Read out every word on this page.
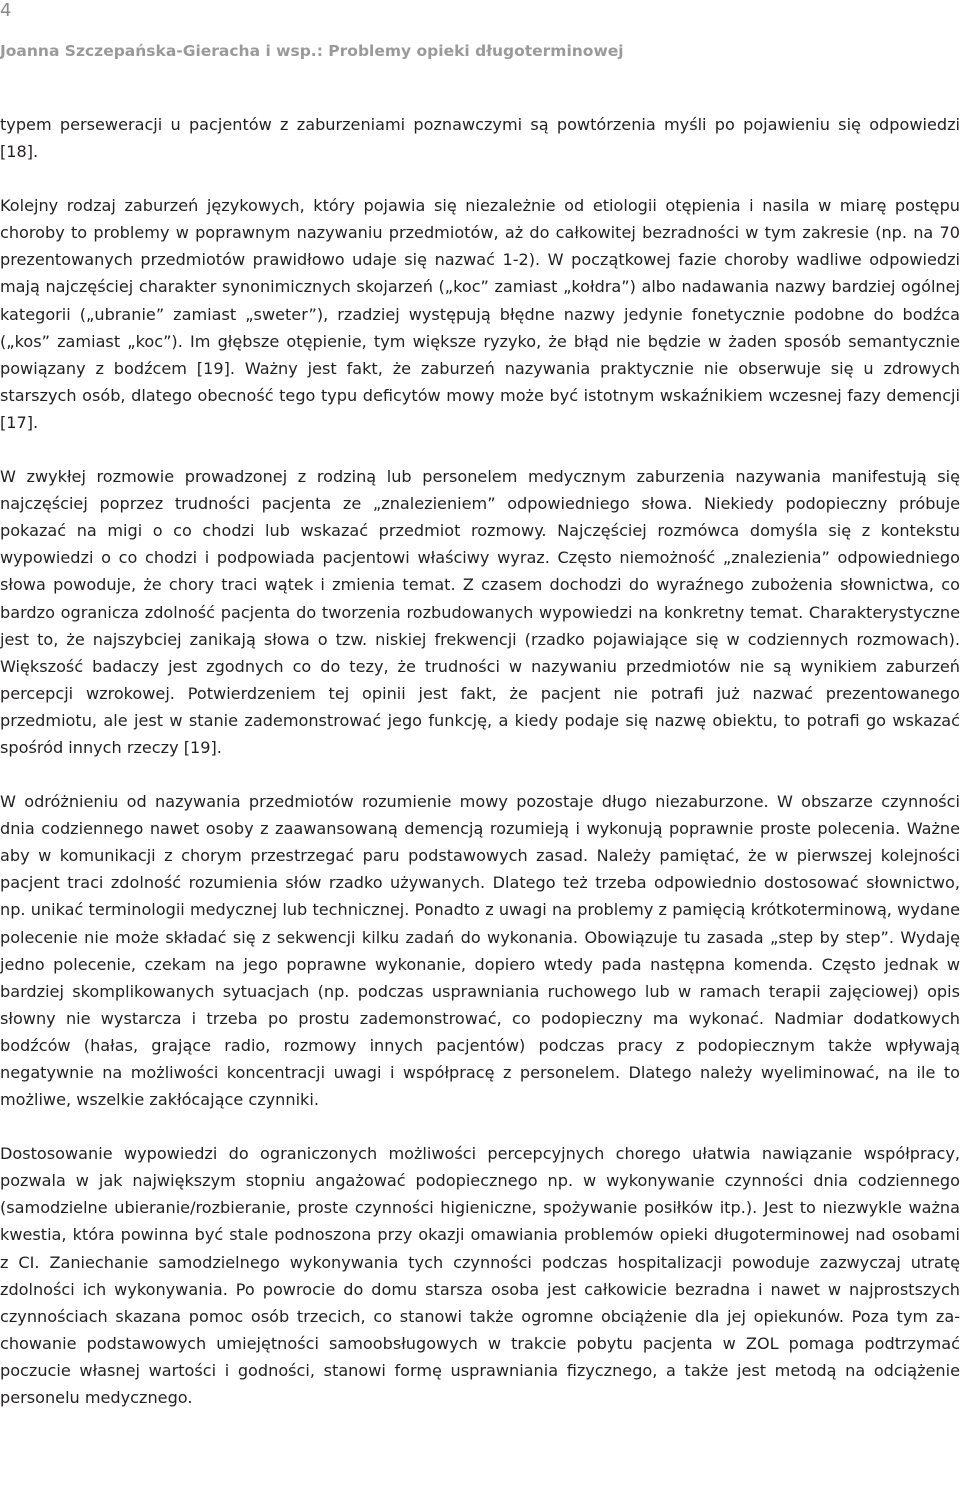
4
Joanna Szczepańska-Gieracha i wsp.: Problemy opieki długoterminowej

typem perseweracji u pacjentów z zaburzeniami poznawczymi są powtórzenia myśli po pojawieniu się odpowiedzi [18].

Kolejny rodzaj zaburzeń językowych, który pojawia się niezależnie od etiologii otępienia i nasila w miarę postępu choroby to problemy w poprawnym nazywaniu przedmiotów, aż do całkowitej bezradności w tym zakresie (np. na 70 prezentowanych przedmiotów prawidłowo udaje się nazwać 1-2). W początkowej fazie choroby wadliwe odpowiedzi mają najczęściej charakter synonimicznych skojarzeń („koc” zamiast „kołdra”) albo nadawania nazwy bardziej ogólnej kategorii („ubranie” zamiast „sweter”), rzadziej występują błędne nazwy jedynie fonetycznie podobne do bodźca („kos” zamiast „koc”). Im głębsze otępienie, tym większe ryzyko, że błąd nie będzie w żaden sposób semantycznie powiązany z bodźcem [19]. Ważny jest fakt, że zaburzeń nazywania praktycznie nie obserwuje się u zdrowych starszych osób, dlatego obecność tego typu deficytów mowy może być istotnym wskaźnikiem wczesnej fazy demencji [17].

W zwykłej rozmowie prowadzonej z rodziną lub personelem medycznym zaburzenia nazywania manifestują się najczęściej poprzez trudności pacjenta ze „znalezieniem” odpowiedniego słowa. Niekiedy podopieczny próbuje pokazać na migi o co chodzi lub wskazać przedmiot rozmowy. Najczęściej rozmówca domyśla się z kontekstu wypowiedzi o co chodzi i podpowiada pacjentowi właściwy wyraz. Często niemożność „znalezienia” odpowiedniego słowa powoduje, że chory traci wątek i zmienia temat. Z czasem dochodzi do wyraźnego zubożenia słownictwa, co bardzo ogranicza zdolność pacjenta do tworzenia rozbudowanych wypowiedzi na konkretny temat. Charakterystyczne jest to, że najszybciej zanikają słowa o tzw. niskiej frekwencji (rzadko pojawiające się w codziennych rozmowach). Większość badaczy jest zgodnych co do tezy, że trudności w nazywaniu przedmiotów nie są wynikiem zaburzeń percepcji wzrokowej. Potwierdzeniem tej opinii jest fakt, że pacjent nie potrafi już nazwać prezentowanego przedmiotu, ale jest w stanie zademonstrować jego funkcję, a kiedy podaje się nazwę obiektu, to potrafi go wskazać spośród innych rzeczy [19].

W odróżnieniu od nazywania przedmiotów rozumienie mowy pozostaje długo niezaburzone. W obszarze czynności dnia codziennego nawet osoby z zaawansowaną demencją rozumieją i wykonują poprawnie proste polecenia. Ważne aby w komunikacji z chorym przestrzegać paru podstawowych zasad. Należy pamiętać, że w pierwszej kolejności pacjent traci zdolność rozumienia słów rzadko używanych. Dlatego też trzeba odpowiednio dostosować słownictwo, np. unikać terminologii medycznej lub technicznej. Ponadto z uwagi na problemy z pamięcią krótkoterminową, wydane polecenie nie może składać się z sekwencji kilku zadań do wykonania. Obowiązuje tu zasada „step by step”. Wydaję jedno polecenie, czekam na jego poprawne wykonanie, dopiero wtedy pada następna komenda. Często jednak w bardziej skomplikowanych sytuacjach (np. podczas usprawniania ruchowego lub w ramach terapii zajęciowej) opis słowny nie wystarcza i trzeba po prostu zademonstrować, co podopieczny ma wykonać. Nadmiar dodatkowych bodźców (hałas, grające radio, rozmowy innych pacjentów) podczas pracy z podopiecznym także wpływają negatywnie na możliwości koncentracji uwagi i współpracę z personelem. Dlatego należy wyeliminować, na ile to możliwe, wszelkie zakłócające czynniki.

Dostosowanie wypowiedzi do ograniczonych możliwości percepcyjnych chorego ułatwia nawiązanie współpracy, pozwala w jak największym stopniu angażować podopiecznego np. w wykonywanie czynności dnia codziennego (samodzielne ubieranie/rozbieranie, proste czynności higieniczne, spożywanie posiłków itp.). Jest to niezwykle ważna kwestia, która powinna być stale podnoszona przy okazji omawiania problemów opieki długoterminowej nad osobami z CI. Zaniechanie samodzielnego wykonywania tych czynności podczas hospitalizacji powoduje zazwyczaj utratę zdolności ich wykonywania. Po powrocie do domu starsza osoba jest całkowicie bezradna i nawet w najprostszych czynnościach skazana pomoc osób trzecich, co stanowi także ogromne obciążenie dla jej opiekunów. Poza tym zachowanie podstawowych umiejętności samoobsługowych w trakcie pobytu pacjenta w ZOL pomaga podtrzymać poczucie własnej wartości i godności, stanowi formę usprawniania fizycznego, a także jest metodą na odciążenie personelu medycznego.
